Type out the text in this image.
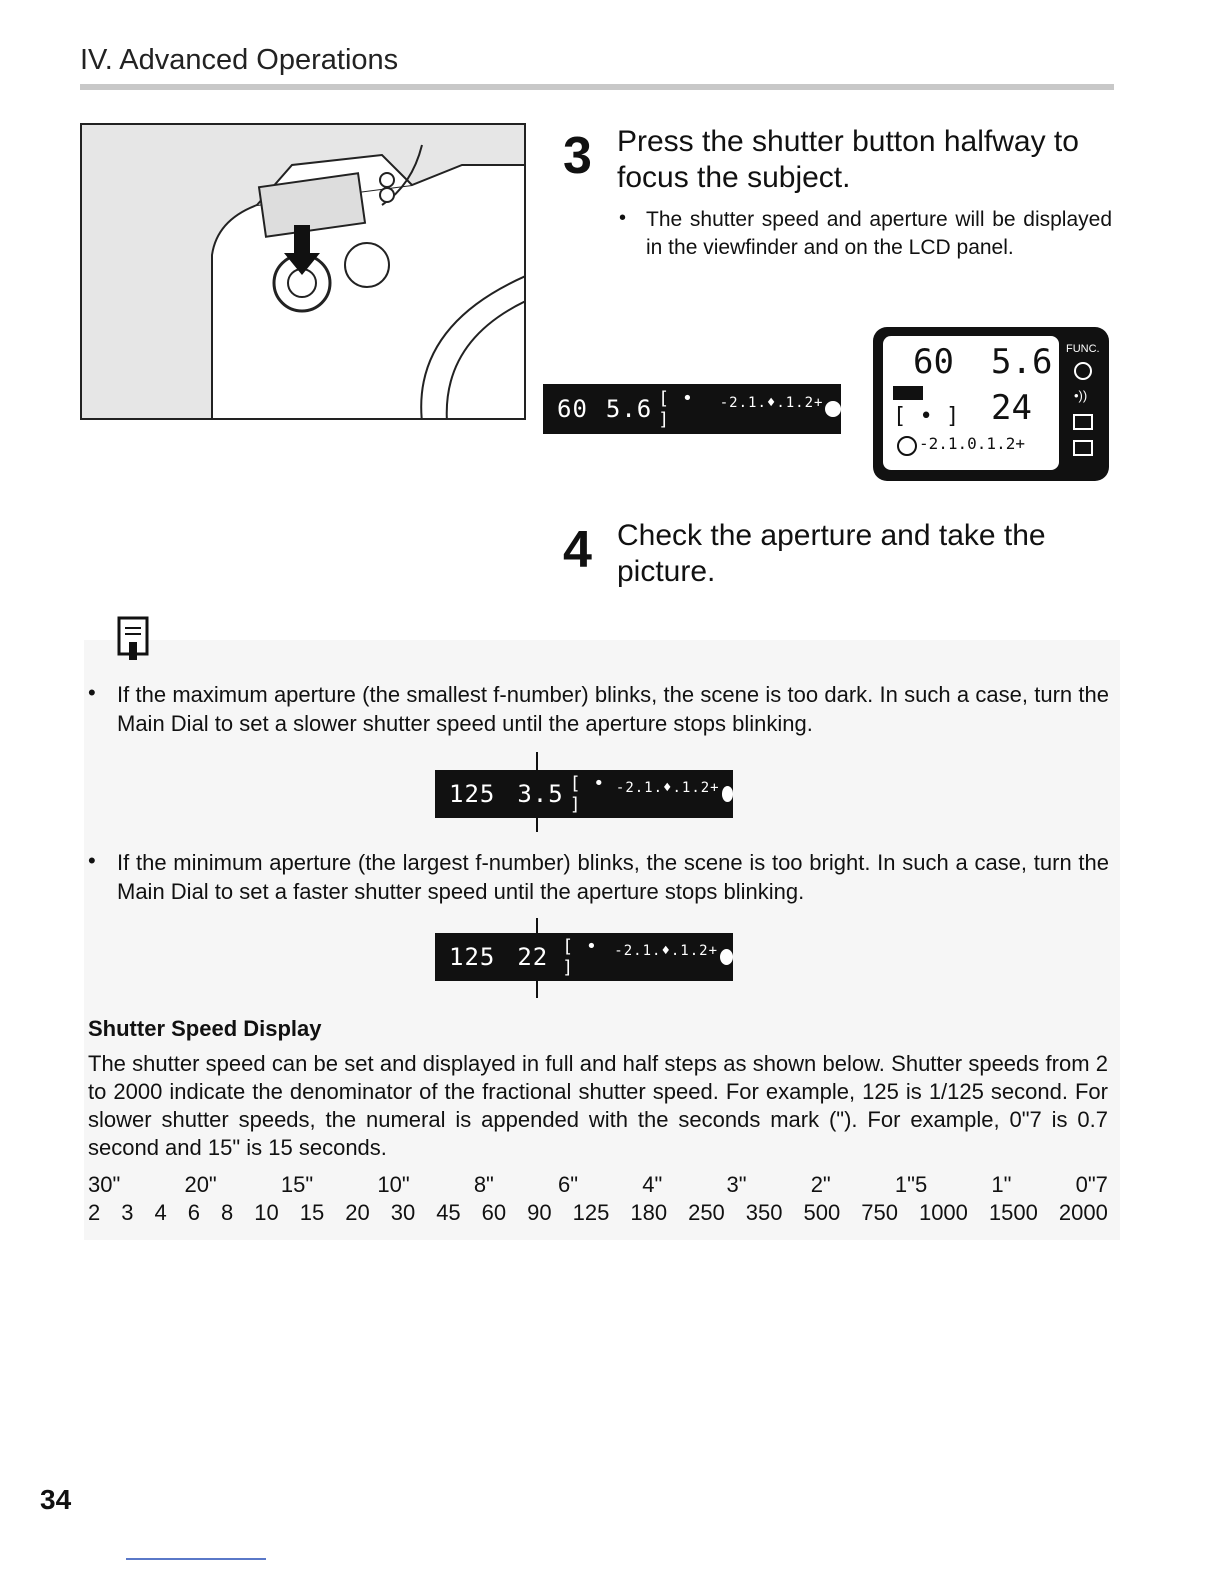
IV. Advanced Operations
3 Press the shutter button halfway to focus the subject.
• The shutter speed and aperture will be displayed in the viewfinder and on the LCD panel.
60 5.6 [ • ]
-2.1.♦.1.2+
60 5.6
[ • ] 24
-2.1.0.1.2+
FUNC.
•))
4 Check the aperture and take the picture.
• If the maximum aperture (the smallest f-number) blinks, the scene is too dark. In such a case, turn the Main Dial to set a slower shutter speed until the aperture stops blinking.
125 3.5 [ • ]
-2.1.♦.1.2+
• If the minimum aperture (the largest f-number) blinks, the scene is too bright. In such a case, turn the Main Dial to set a faster shutter speed until the aperture stops blinking.
125 22 [ • ]
-2.1.♦.1.2+
Shutter Speed Display
The shutter speed can be set and displayed in full and half steps as shown below. Shutter speeds from 2 to 2000 indicate the denominator of the fractional shutter speed. For example, 125 is 1/125 second. For slower shutter speeds, the numeral is appended with the seconds mark ("). For example, 0"7 is 0.7 second and 15" is 15 seconds.
30"	20"	15"	10"	8"	6"	4"	3"	2"	1"5	1"	0"7
2 3 4 6 8 10 15 20 30 45 60 90 125 180 250 350 500 750 1000 1500 2000
34
